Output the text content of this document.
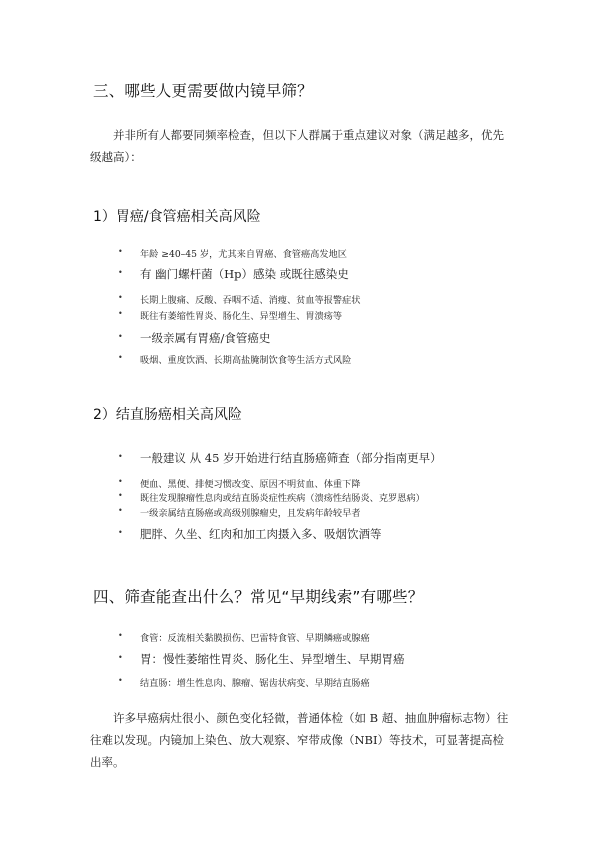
三、哪些人更需要做内镜早筛？

并非所有人都要同频率检查，但以下人群属于重点建议对象（满足越多，优先级越高）：

1）胃癌/食管癌相关高风险
• 年龄 ≥40–45 岁，尤其来自胃癌、食管癌高发地区
• 有 幽门螺杆菌（Hp）感染 或既往感染史
• 长期上腹痛、反酸、吞咽不适、消瘦、贫血等报警症状
• 既往有萎缩性胃炎、肠化生、异型增生、胃溃疡等
• 一级亲属有胃癌/食管癌史
• 吸烟、重度饮酒、长期高盐腌制饮食等生活方式风险
2）结直肠癌相关高风险
• 一般建议 从 45 岁开始进行结直肠癌筛查（部分指南更早）
• 便血、黑便、排便习惯改变、原因不明贫血、体重下降
• 既往发现腺瘤性息肉或结直肠炎症性疾病（溃疡性结肠炎、克罗恩病）
• 一级亲属结直肠癌或高级别腺瘤史，且发病年龄较早者
• 肥胖、久坐、红肉和加工肉摄入多、吸烟饮酒等
四、筛查能查出什么？常见“早期线索”有哪些？
• 食管：反流相关黏膜损伤、巴雷特食管、早期鳞癌或腺癌
• 胃：慢性萎缩性胃炎、肠化生、异型增生、早期胃癌
• 结直肠：增生性息肉、腺瘤、锯齿状病变、早期结直肠癌

许多早癌病灶很小、颜色变化轻微，普通体检（如 B 超、抽血肿瘤标志物）往往难以发现。内镜加上染色、放大观察、窄带成像（NBI）等技术，可显著提高检出率。
